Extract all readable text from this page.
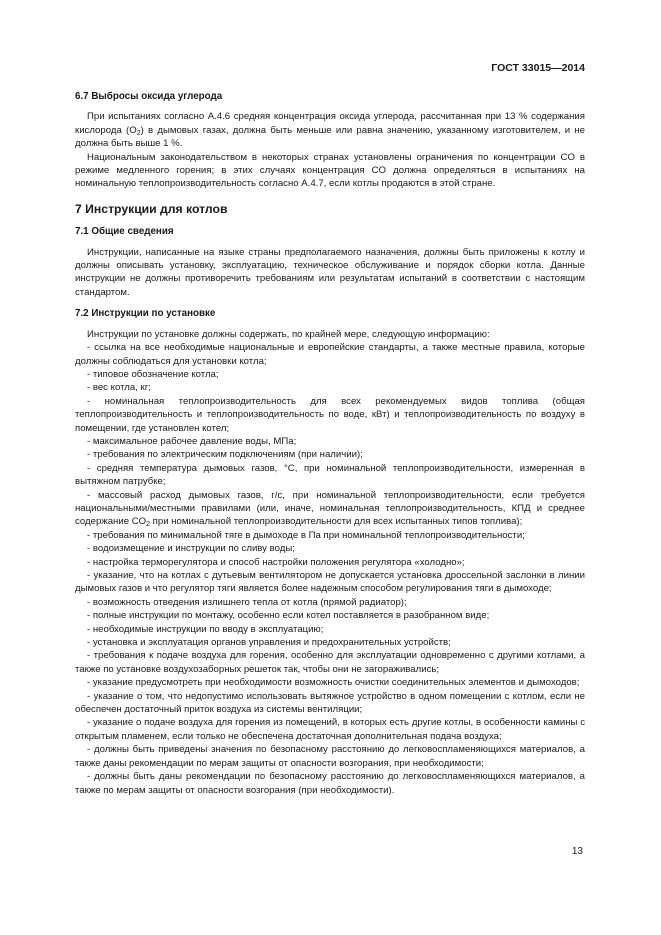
ГОСТ 33015—2014
6.7 Выбросы оксида углерода

При испытаниях согласно А.4.6 средняя концентрация оксида углерода, рассчитанная при 13 % содержания кислорода $(O_2)$ в дымовых газах, должна быть меньше или равна значению, указанному изготовителем, и не должна быть выше 1 %.

Национальным законодательством в некоторых странах установлены ограничения по концентрации CO в режиме медленного горения; в этих случаях концентрация CO должна определяться в испытаниях на номинальную теплопроизводительность согласно А.4.7, если котлы продаются в этой стране.

7 Инструкции для котлов
7.1 Общие сведения

Инструкции, написанные на языке страны предполагаемого назначения, должны быть приложены к котлу и должны описывать установку, эксплуатацию, техническое обслуживание и порядок сборки котла. Данные инструкции не должны противоречить требованиям или результатам испытаний в соответствии с настоящим стандартом.

7.2 Инструкции по установке

Инструкции по установке должны содержать, по крайней мере, следующую информацию:

- ссылка на все необходимые национальные и европейские стандарты, а также местные правила, которые должны соблюдаться для установки котла;

- типовое обозначение котла;

- вес котла, кг;

- номинальная теплопроизводительность для всех рекомендуемых видов топлива (общая теплопроизводительность и теплопроизводительность по воде, кВт) и теплопроизводительность по воздуху в помещении, где установлен котел;

- максимальное рабочее давление воды, МПа;

- требования по электрическим подключениям (при наличии);

- средняя температура дымовых газов, °C, при номинальной теплопроизводительности, измеренная в вытяжном патрубке;

- массовый расход дымовых газов, г/с, при номинальной теплопроизводительности, если требуется национальными/местными правилами (или, иначе, номинальная теплопроизводительность, КПД и среднее содержание $CO_2$ при номинальной теплопроизводительности для всех испытанных типов топлива);

- требования по минимальной тяге в дымоходе в Па при номинальной теплопроизводительности;

- водоизмещение и инструкции по сливу воды;

- настройка терморегулятора и способ настройки положения регулятора «холодно»;

- указание, что на котлах с дутьевым вентилятором не допускается установка дроссельной заслонки в линии дымовых газов и что регулятор тяги является более надежным способом регулирования тяги в дымоходе;

- возможность отведения излишнего тепла от котла (прямой радиатор);

- полные инструкции по монтажу, особенно если котел поставляется в разобранном виде;

- необходимые инструкции по вводу в эксплуатацию;

- установка и эксплуатация органов управления и предохранительных устройств;

- требования к подаче воздуха для горения, особенно для эксплуатации одновременно с другими котлами, а также по установке воздухозаборных решеток так, чтобы они не загораживались;

- указание предусмотреть при необходимости возможность очистки соединительных элементов и дымоходов;

- указание о том, что недопустимо использовать вытяжное устройство в одном помещении с котлом, если не обеспечен достаточный приток воздуха из системы вентиляции;

- указание о подаче воздуха для горения из помещений, в которых есть другие котлы, в особенности камины с открытым пламенем, если только не обеспечена достаточная дополнительная подача воздуха;

- должны быть приведены значения по безопасному расстоянию до легковоспламеняющихся материалов, а также даны рекомендации по мерам защиты от опасности возгорания, при необходимости;

- должны быть даны рекомендации по безопасному расстоянию до легковоспламеняющихся материалов, а также по мерам защиты от опасности возгорания (при необходимости).

13
